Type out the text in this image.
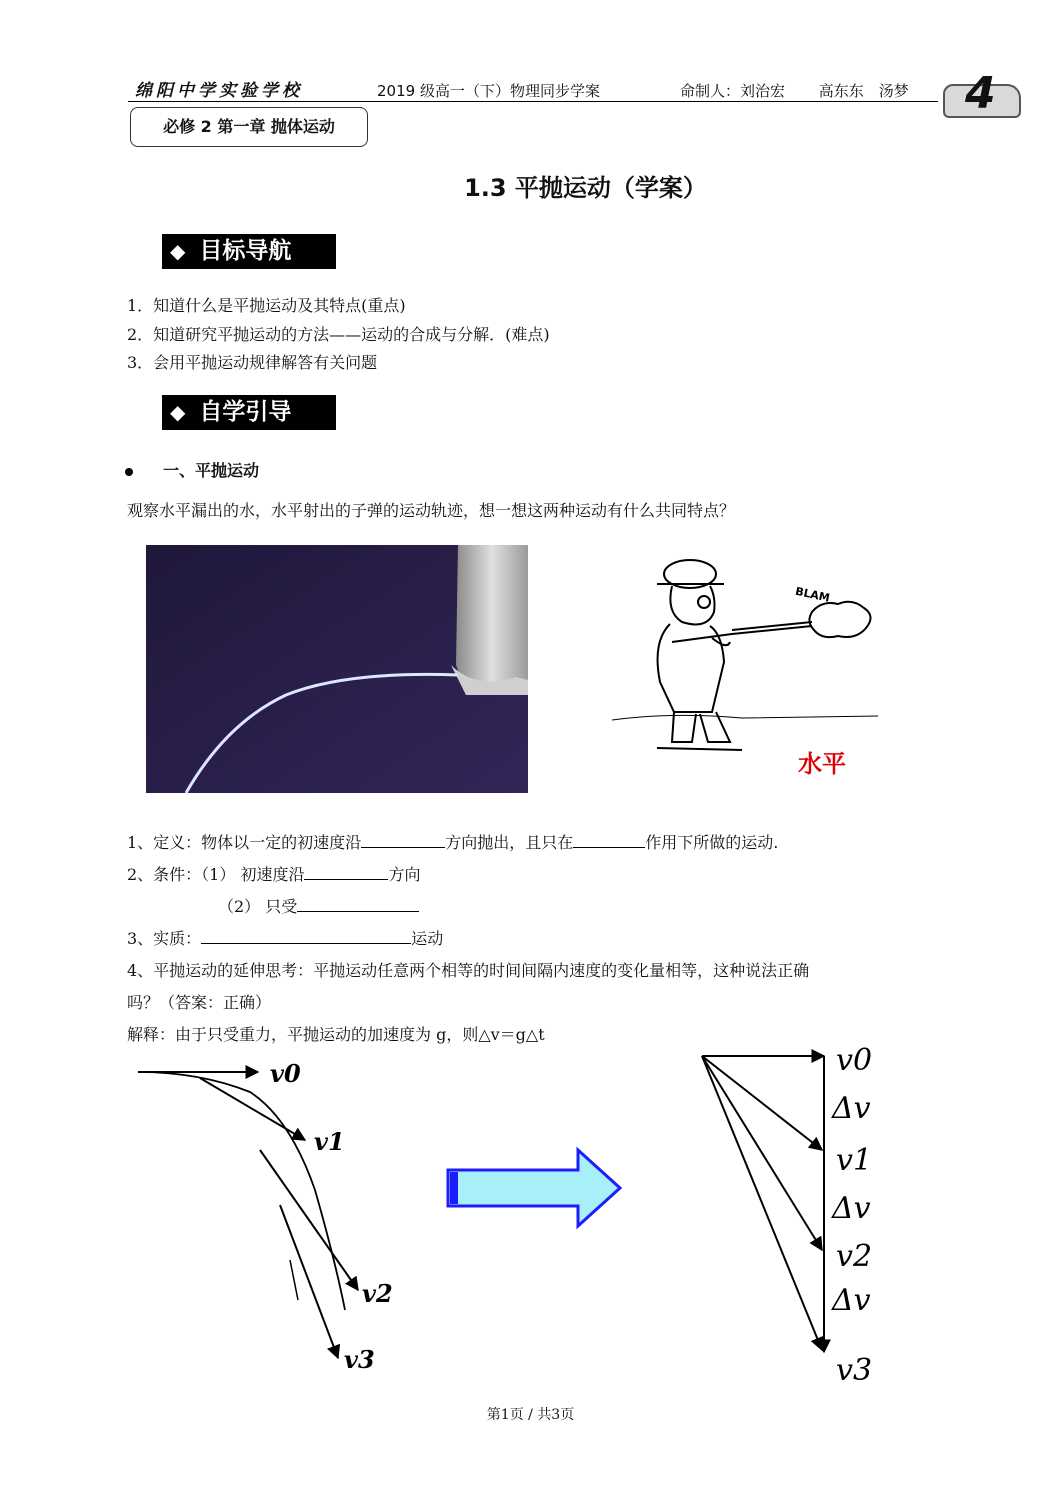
绵阳中学实验学校	2019 级高一（下）物理同步学案	命制人：刘治宏　 高东东　汤梦 4
必修 2 第一章 抛体运动
1.3 平抛运动（学案）
◆ 目标导航
1．知道什么是平抛运动及其特点(重点)
2．知道研究平抛运动的方法——运动的合成与分解．(难点)
3．会用平抛运动规律解答有关问题
◆ 自学引导
一、平抛运动
观察水平漏出的水，水平射出的子弹的运动轨迹，想一想这两种运动有什么共同特点？
BLAM
水平
1、定义：物体以一定的初速度沿	方向抛出，且只在	作用下所做的运动.
2、条件：（1） 初速度沿	方向
（2） 只受
3、实质：	运动
4、平抛运动的延伸思考：平抛运动任意两个相等的时间间隔内速度的变化量相等，这种说法正确
吗？（答案：正确）
解释：由于只受重力，平抛运动的加速度为 g，则△v＝g△t
v0
v1
v2
v3
v0
Δv
v1
Δv
v2
Δv
v3
第1页 / 共3页
